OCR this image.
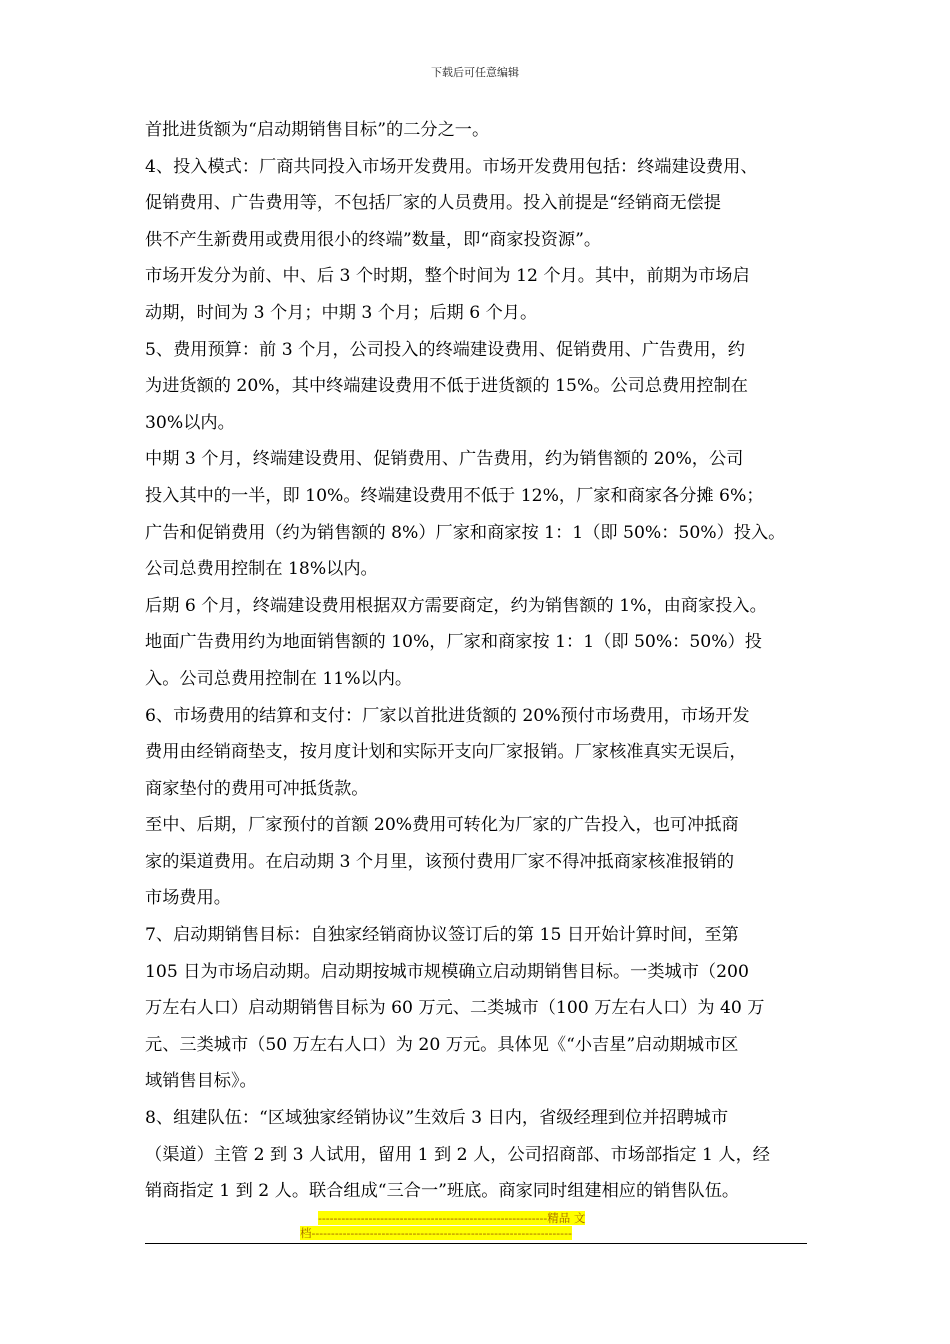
下载后可任意编辑
首批进货额为“启动期销售目标”的二分之一。
4、投入模式：厂商共同投入市场开发费用。市场开发费用包括：终端建设费用、
促销费用、广告费用等，不包括厂家的人员费用。投入前提是“经销商无偿提
供不产生新费用或费用很小的终端”数量，即“商家投资源”。
市场开发分为前、中、后 3 个时期，整个时间为 12 个月。其中，前期为市场启
动期，时间为 3 个月；中期 3 个月；后期 6 个月。
5、费用预算：前 3 个月，公司投入的终端建设费用、促销费用、广告费用，约
为进货额的 20%，其中终端建设费用不低于进货额的 15%。公司总费用控制在
30%以内。
中期 3 个月，终端建设费用、促销费用、广告费用，约为销售额的 20%，公司
投入其中的一半，即 10%。终端建设费用不低于 12%，厂家和商家各分摊 6%；
广告和促销费用（约为销售额的 8%）厂家和商家按 1：1（即 50%：50%）投入。
公司总费用控制在 18%以内。
后期 6 个月，终端建设费用根据双方需要商定，约为销售额的 1%，由商家投入。
地面广告费用约为地面销售额的 10%，厂家和商家按 1：1（即 50%：50%）投
入。公司总费用控制在 11%以内。
6、市场费用的结算和支付：厂家以首批进货额的 20%预付市场费用，市场开发
费用由经销商垫支，按月度计划和实际开支向厂家报销。厂家核准真实无误后，
商家垫付的费用可冲抵货款。
至中、后期，厂家预付的首额 20%费用可转化为厂家的广告投入，也可冲抵商
家的渠道费用。在启动期 3 个月里，该预付费用厂家不得冲抵商家核准报销的
市场费用。
7、启动期销售目标：自独家经销商协议签订后的第 15 日开始计算时间，至第
105 日为市场启动期。启动期按城市规模确立启动期销售目标。一类城市（200
万左右人口）启动期销售目标为 60 万元、二类城市（100 万左右人口）为 40 万
元、三类城市（50 万左右人口）为 20 万元。具体见《“小吉星”启动期城市区
域销售目标》。
8、组建队伍：“区域独家经销协议”生效后 3 日内，省级经理到位并招聘城市
（渠道）主管 2 到 3 人试用，留用 1 到 2 人，公司招商部、市场部指定 1 人，经
销商指定 1 到 2 人。联合组成“三合一”班底。商家同时组建相应的销售队伍。
-----------------------------------------------------------精品 文
档-------------------------------------------------------------------
